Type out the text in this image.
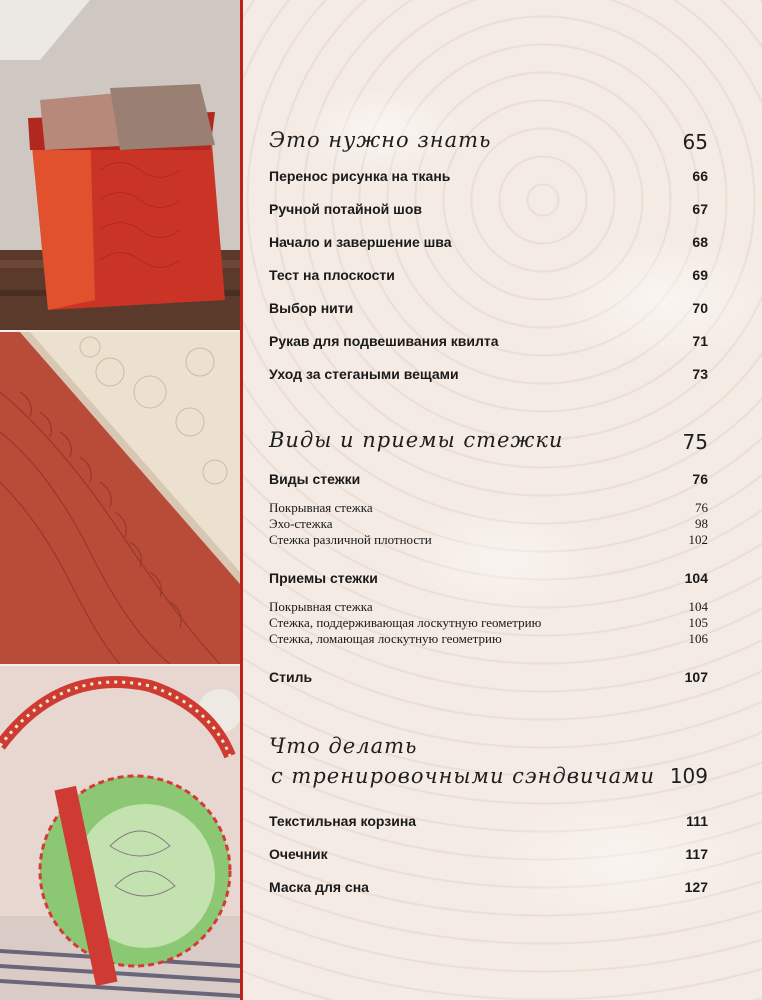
Это нужно знать	65
Перенос рисунка на ткань	66
Ручной потайной шов	67
Начало и завершение шва	68
Тест на плоскости	69
Выбор нити	70
Рукав для подвешивания квилта	71
Уход за стегаными вещами	73
Виды и приемы стежки	75
Виды стежки	76
Покрывная стежка	76
Эхо-стежка	98
Стежка различной плотности	102
Приемы стежки	104
Покрывная стежка	104
Стежка, поддерживающая лоскутную геометрию	105
Стежка, ломающая лоскутную геометрию	106
Стиль	107
Что делать
с тренировочными сэндвичами 109
Текстильная корзина	111
Очечник	117
Маска для сна	127
